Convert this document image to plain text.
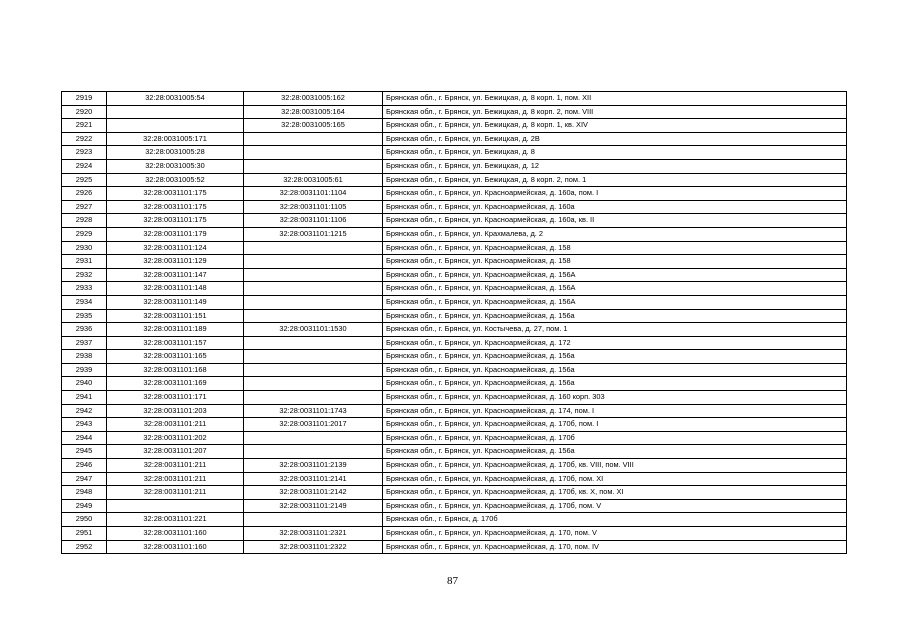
2919	32:28:0031005:54	32:28:0031005:162	Брянская обл., г. Брянск, ул. Бежицкая, д. 8 корп. 1, пом. XII
2920		32:28:0031005:164	Брянская обл., г. Брянск, ул. Бежицкая, д. 8 корп. 2, пом. VIII
2921		32:28:0031005:165	Брянская обл., г. Брянск, ул. Бежицкая, д. 8 корп. 1, кв. XIV
2922	32:28:0031005:171		Брянская обл., г. Брянск, ул. Бежицкая, д. 2В
2923	32:28:0031005:28		Брянская обл., г. Брянск, ул. Бежицкая, д. 8
2924	32:28:0031005:30		Брянская обл., г. Брянск, ул. Бежицкая, д. 12
2925	32:28:0031005:52	32:28:0031005:61	Брянская обл., г. Брянск, ул. Бежицкая, д. 8 корп. 2, пом. 1
2926	32:28:0031101:175	32:28:0031101:1104	Брянская обл., г. Брянск, ул. Красноармейская, д. 160а, пом. I
2927	32:28:0031101:175	32:28:0031101:1105	Брянская обл., г. Брянск, ул. Красноармейская, д. 160а
2928	32:28:0031101:175	32:28:0031101:1106	Брянская обл., г. Брянск, ул. Красноармейская, д. 160а, кв. II
2929	32:28:0031101:179	32:28:0031101:1215	Брянская обл., г. Брянск, ул. Крахмалева, д. 2
2930	32:28:0031101:124		Брянская обл., г. Брянск, ул. Красноармейская, д. 158
2931	32:28:0031101:129		Брянская обл., г. Брянск, ул. Красноармейская, д. 158
2932	32:28:0031101:147		Брянская обл., г. Брянск, ул. Красноармейская, д. 156А
2933	32:28:0031101:148		Брянская обл., г. Брянск, ул. Красноармейская, д. 156А
2934	32:28:0031101:149		Брянская обл., г. Брянск, ул. Красноармейская, д. 156А
2935	32:28:0031101:151		Брянская обл., г. Брянск, ул. Красноармейская, д. 156а
2936	32:28:0031101:189	32:28:0031101:1530	Брянская обл., г. Брянск, ул. Костычева, д. 27, пом. 1
2937	32:28:0031101:157		Брянская обл., г. Брянск, ул. Красноармейская, д. 172
2938	32:28:0031101:165		Брянская обл., г. Брянск, ул. Красноармейская, д. 156а
2939	32:28:0031101:168		Брянская обл., г. Брянск, ул. Красноармейская, д. 156а
2940	32:28:0031101:169		Брянская обл., г. Брянск, ул. Красноармейская, д. 156а
2941	32:28:0031101:171		Брянская обл., г. Брянск, ул. Красноармейская, д. 160 корп. 303
2942	32:28:0031101:203	32:28:0031101:1743	Брянская обл., г. Брянск, ул. Красноармейская, д. 174, пом. I
2943	32:28:0031101:211	32:28:0031101:2017	Брянская обл., г. Брянск, ул. Красноармейская, д. 170б, пом. I
2944	32:28:0031101:202		Брянская обл., г. Брянск, ул. Красноармейская, д. 170б
2945	32:28:0031101:207		Брянская обл., г. Брянск, ул. Красноармейская, д. 156а
2946	32:28:0031101:211	32:28:0031101:2139	Брянская обл., г. Брянск, ул. Красноармейская, д. 170б, кв. VIII, пом. VIII
2947	32:28:0031101:211	32:28:0031101:2141	Брянская обл., г. Брянск, ул. Красноармейская, д. 170б, пом. XI
2948	32:28:0031101:211	32:28:0031101:2142	Брянская обл., г. Брянск, ул. Красноармейская, д. 170б, кв. X, пом. XI
2949		32:28:0031101:2149	Брянская обл., г. Брянск, ул. Красноармейская, д. 170б, пом. V
2950	32:28:0031101:221		Брянская обл., г. Брянск, д. 170б
2951	32:28:0031101:160	32:28:0031101:2321	Брянская обл., г. Брянск, ул. Красноармейская, д. 170, пом. V
2952	32:28:0031101:160	32:28:0031101:2322	Брянская обл., г. Брянск, ул. Красноармейская, д. 170, пом. IV
87
